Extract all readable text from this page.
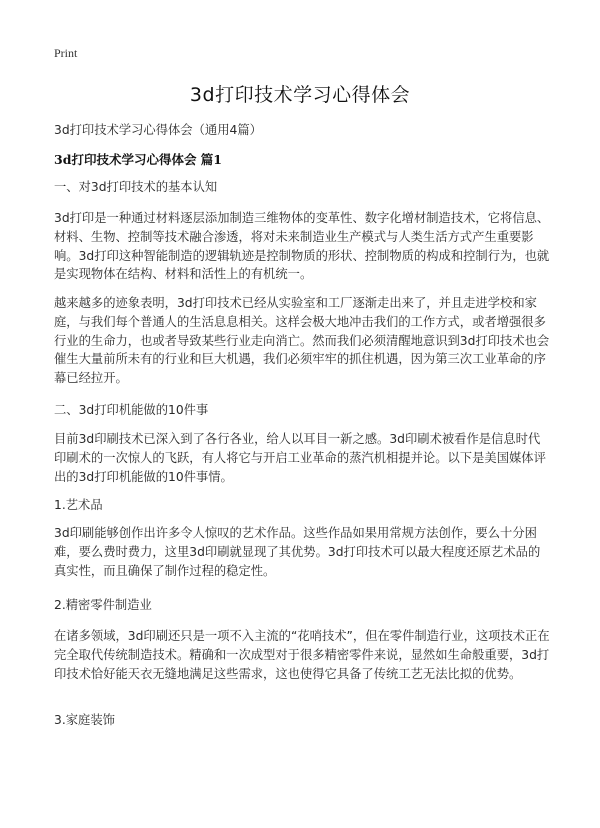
Print
3d打印技术学习心得体会

3d打印技术学习心得体会（通用4篇）

3d打印技术学习心得体会 篇1

一、对3d打印技术的基本认知

3d打印是一种通过材料逐层添加制造三维物体的变革性、数字化增材制造技术，它将信息、材料、生物、控制等技术融合渗透，将对未来制造业生产模式与人类生活方式产生重要影响。3d打印这种智能制造的逻辑轨迹是控制物质的形状、控制物质的构成和控制行为，也就是实现物体在结构、材料和活性上的有机统一。

越来越多的迹象表明，3d打印技术已经从实验室和工厂逐渐走出来了，并且走进学校和家庭，与我们每个普通人的生活息息相关。这样会极大地冲击我们的工作方式，或者增强很多行业的生命力，也或者导致某些行业走向消亡。然而我们必须清醒地意识到3d打印技术也会催生大量前所未有的行业和巨大机遇，我们必须牢牢的抓住机遇，因为第三次工业革命的序幕已经拉开。

二、3d打印机能做的10件事

目前3d印刷技术已深入到了各行各业，给人以耳目一新之感。3d印刷术被看作是信息时代印刷术的一次惊人的飞跃，有人将它与开启工业革命的蒸汽机相提并论。以下是美国媒体评出的3d打印机能做的10件事情。

1.艺术品

3d印刷能够创作出许多令人惊叹的艺术作品。这些作品如果用常规方法创作，要么十分困难，要么费时费力，这里3d印刷就显现了其优势。3d打印技术可以最大程度还原艺术品的真实性，而且确保了制作过程的稳定性。

2.精密零件制造业

在诸多领域，3d印刷还只是一项不入主流的“花哨技术”，但在零件制造行业，这项技术正在完全取代传统制造技术。精确和一次成型对于很多精密零件来说，显然如生命般重要，3d打印技术恰好能天衣无缝地满足这些需求，这也使得它具备了传统工艺无法比拟的优势。

3.家庭装饰
